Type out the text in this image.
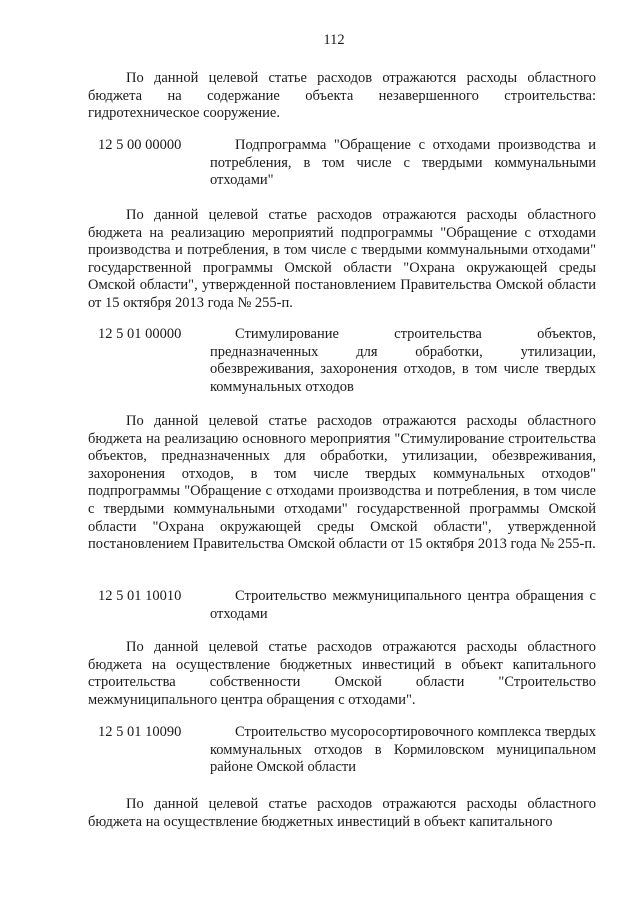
112

По данной целевой статье расходов отражаются расходы областного бюджета на содержание объекта незавершенного строительства: гидротехническое сооружение.

12 5 00 00000	Подпрограмма "Обращение с отходами производства и потребления, в том числе с твердыми коммунальными отходами"

По данной целевой статье расходов отражаются расходы областного бюджета на реализацию мероприятий подпрограммы "Обращение с отходами производства и потребления, в том числе с твердыми коммунальными отходами" государственной программы Омской области "Охрана окружающей среды Омской области", утвержденной постановлением Правительства Омской области от 15 октября 2013 года № 255-п.

12 5 01 00000	Стимулирование строительства объектов, предназначенных для обработки, утилизации, обезвреживания, захоронения отходов, в том числе твердых коммунальных отходов

По данной целевой статье расходов отражаются расходы областного бюджета на реализацию основного мероприятия "Стимулирование строительства объектов, предназначенных для обработки, утилизации, обезвреживания, захоронения отходов, в том числе твердых коммунальных отходов" подпрограммы "Обращение с отходами производства и потребления, в том числе с твердыми коммунальными отходами" государственной программы Омской области "Охрана окружающей среды Омской области", утвержденной постановлением Правительства Омской области от 15 октября 2013 года № 255-п.

12 5 01 10010	Строительство межмуниципального центра обращения с отходами

По данной целевой статье расходов отражаются расходы областного бюджета на осуществление бюджетных инвестиций в объект капитального строительства собственности Омской области "Строительство межмуниципального центра обращения с отходами".

12 5 01 10090	Строительство мусоросортировочного комплекса твердых коммунальных отходов в Кормиловском муниципальном районе Омской области

По данной целевой статье расходов отражаются расходы областного бюджета на осуществление бюджетных инвестиций в объект капитального
